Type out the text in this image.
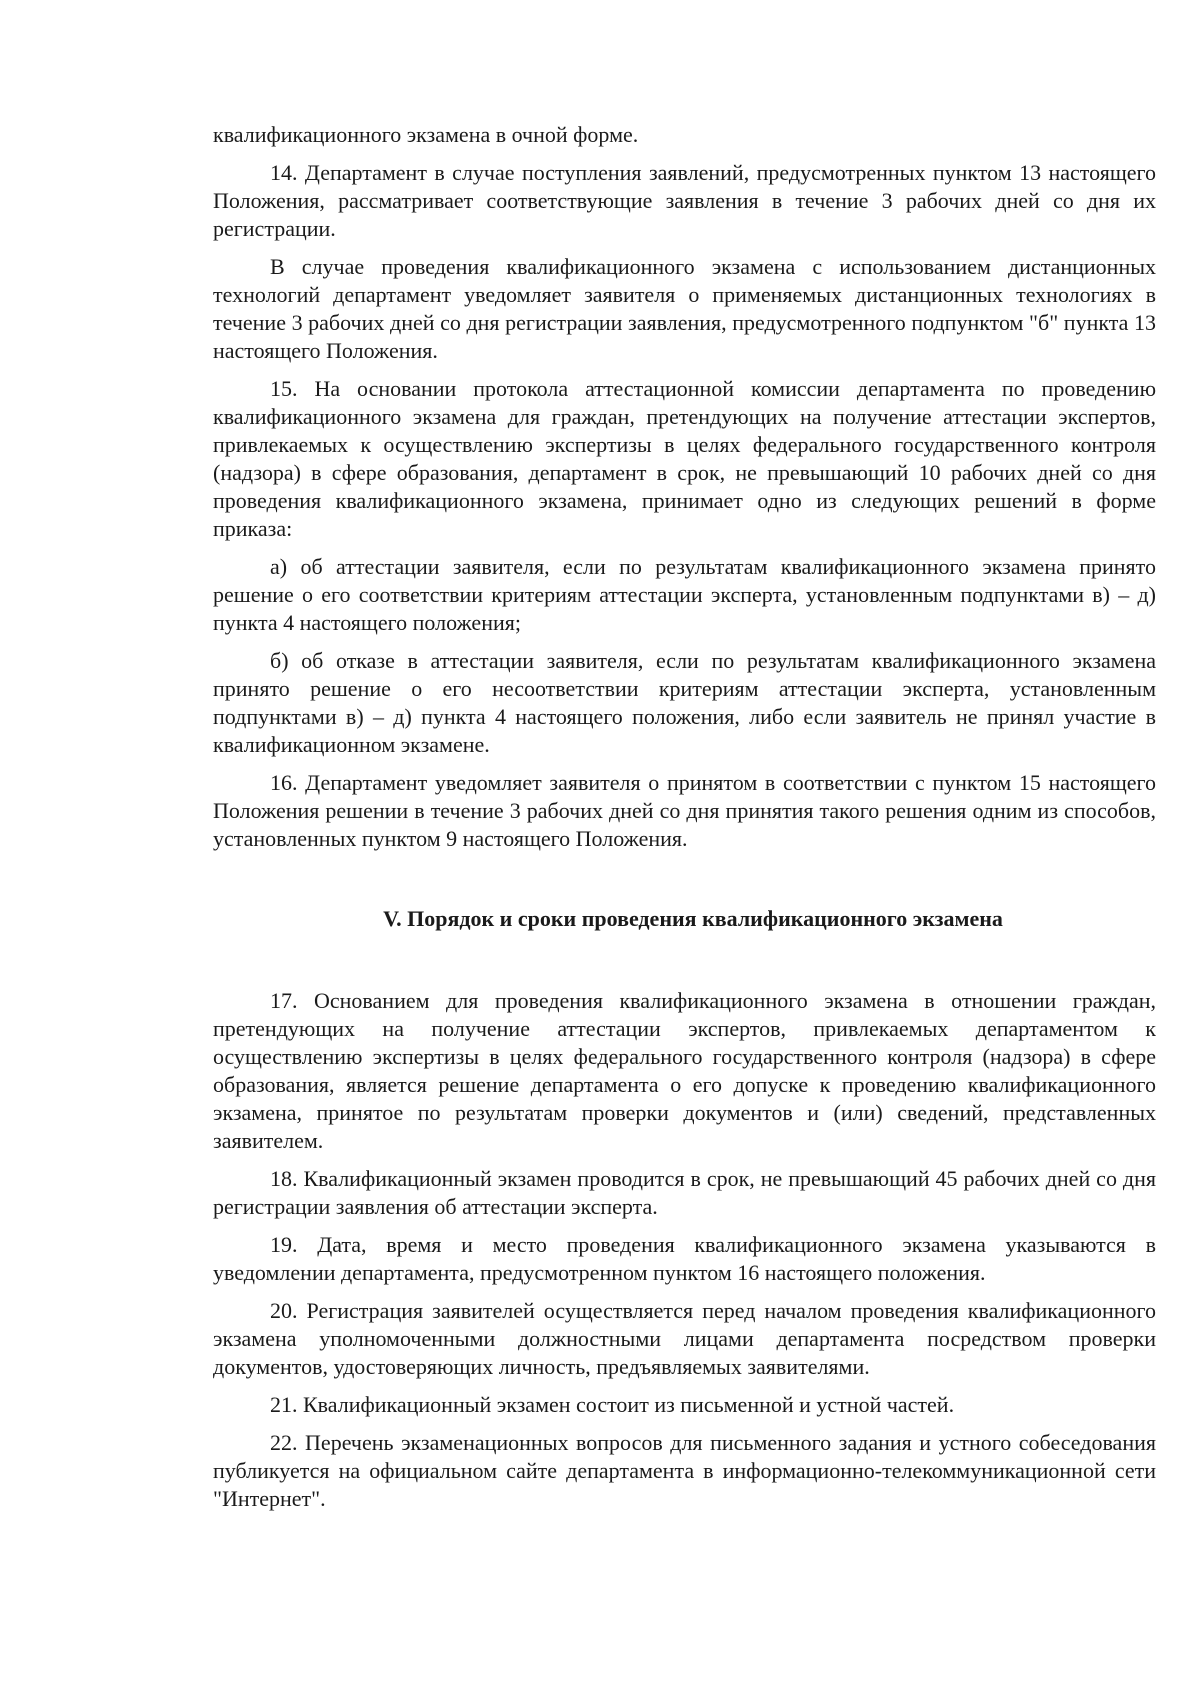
квалификационного экзамена в очной форме.

14. Департамент в случае поступления заявлений, предусмотренных пунктом 13 настоящего Положения, рассматривает соответствующие заявления в течение 3 рабочих дней со дня их регистрации.

В случае проведения квалификационного экзамена с использованием дистанционных технологий департамент уведомляет заявителя о применяемых дистанционных технологиях в течение 3 рабочих дней со дня регистрации заявления, предусмотренного подпунктом "б" пункта 13 настоящего Положения.

15. На основании протокола аттестационной комиссии департамента по проведению квалификационного экзамена для граждан, претендующих на получение аттестации экспертов, привлекаемых к осуществлению экспертизы в целях федерального государственного контроля (надзора) в сфере образования, департамент в срок, не превышающий 10 рабочих дней со дня проведения квалификационного экзамена, принимает одно из следующих решений в форме приказа:

а) об аттестации заявителя, если по результатам квалификационного экзамена принято решение о его соответствии критериям аттестации эксперта, установленным подпунктами в) – д) пункта 4 настоящего положения;

б) об отказе в аттестации заявителя, если по результатам квалификационного экзамена принято решение о его несоответствии критериям аттестации эксперта, установленным подпунктами в) – д) пункта 4 настоящего положения, либо если заявитель не принял участие в квалификационном экзамене.

16. Департамент уведомляет заявителя о принятом в соответствии с пунктом 15 настоящего Положения решении в течение 3 рабочих дней со дня принятия такого решения одним из способов, установленных пунктом 9 настоящего Положения.

V. Порядок и сроки проведения квалификационного экзамена

17. Основанием для проведения квалификационного экзамена в отношении граждан, претендующих на получение аттестации экспертов, привлекаемых департаментом к осуществлению экспертизы в целях федерального государственного контроля (надзора) в сфере образования, является решение департамента о его допуске к проведению квалификационного экзамена, принятое по результатам проверки документов и (или) сведений, представленных заявителем.

18. Квалификационный экзамен проводится в срок, не превышающий 45 рабочих дней со дня регистрации заявления об аттестации эксперта.

19. Дата, время и место проведения квалификационного экзамена указываются в уведомлении департамента, предусмотренном пунктом 16 настоящего положения.

20. Регистрация заявителей осуществляется перед началом проведения квалификационного экзамена уполномоченными должностными лицами департамента посредством проверки документов, удостоверяющих личность, предъявляемых заявителями.

21. Квалификационный экзамен состоит из письменной и устной частей.

22. Перечень экзаменационных вопросов для письменного задания и устного собеседования публикуется на официальном сайте департамента в информационно-телекоммуникационной сети "Интернет".
